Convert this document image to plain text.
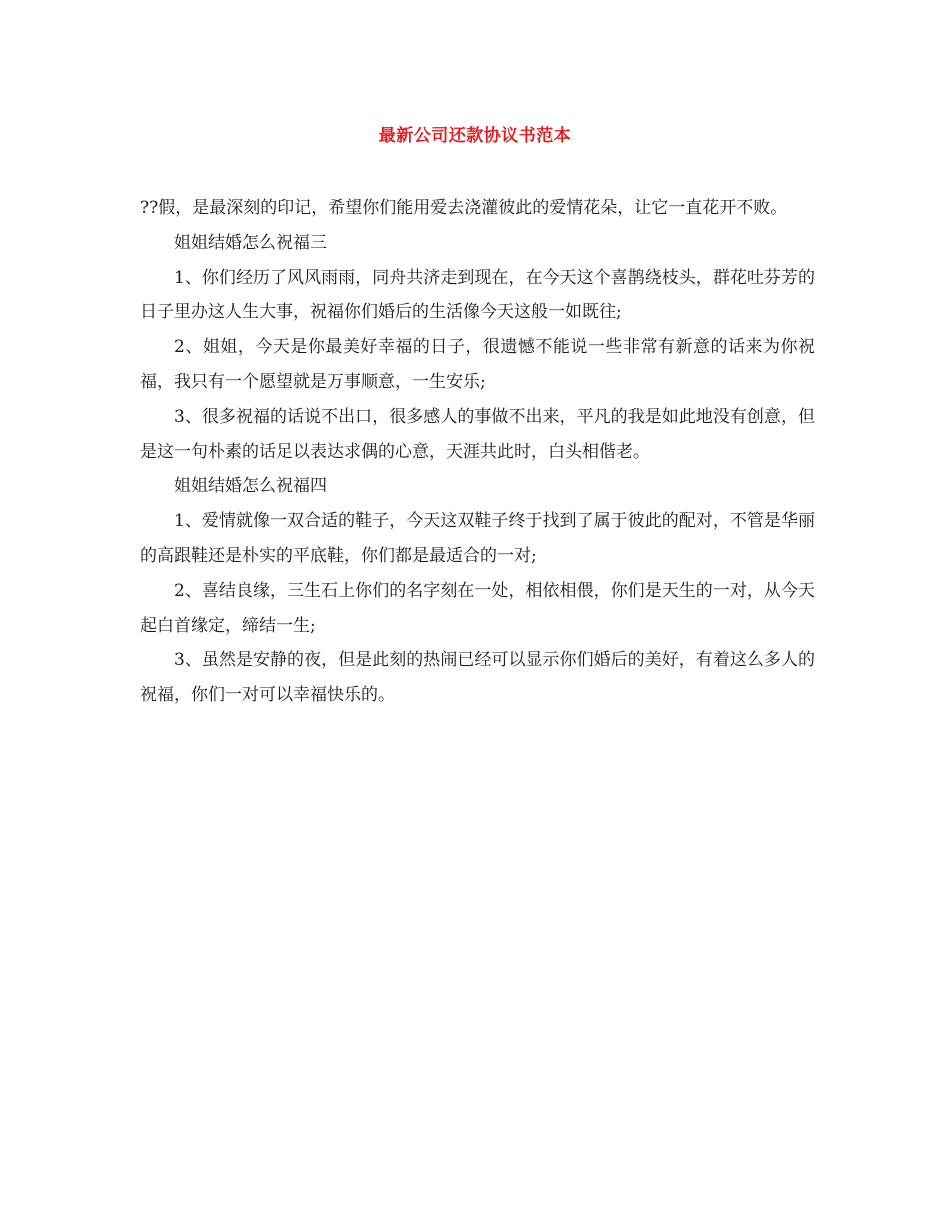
最新公司还款协议书范本

??假，是最深刻的印记，希望你们能用爱去浇灌彼此的爱情花朵，让它一直花开不败。

姐姐结婚怎么祝福三

1、你们经历了风风雨雨，同舟共济走到现在，在今天这个喜鹊绕枝头，群花吐芬芳的日子里办这人生大事，祝福你们婚后的生活像今天这般一如既往;

2、姐姐，今天是你最美好幸福的日子，很遗憾不能说一些非常有新意的话来为你祝福，我只有一个愿望就是万事顺意，一生安乐;

3、很多祝福的话说不出口，很多感人的事做不出来，平凡的我是如此地没有创意，但是这一句朴素的话足以表达求偶的心意，天涯共此时，白头相偕老。

姐姐结婚怎么祝福四

1、爱情就像一双合适的鞋子，今天这双鞋子终于找到了属于彼此的配对，不管是华丽的高跟鞋还是朴实的平底鞋，你们都是最适合的一对;

2、喜结良缘，三生石上你们的名字刻在一处，相依相偎，你们是天生的一对，从今天起白首缘定，缔结一生;

3、虽然是安静的夜，但是此刻的热闹已经可以显示你们婚后的美好，有着这么多人的祝福，你们一对可以幸福快乐的。
